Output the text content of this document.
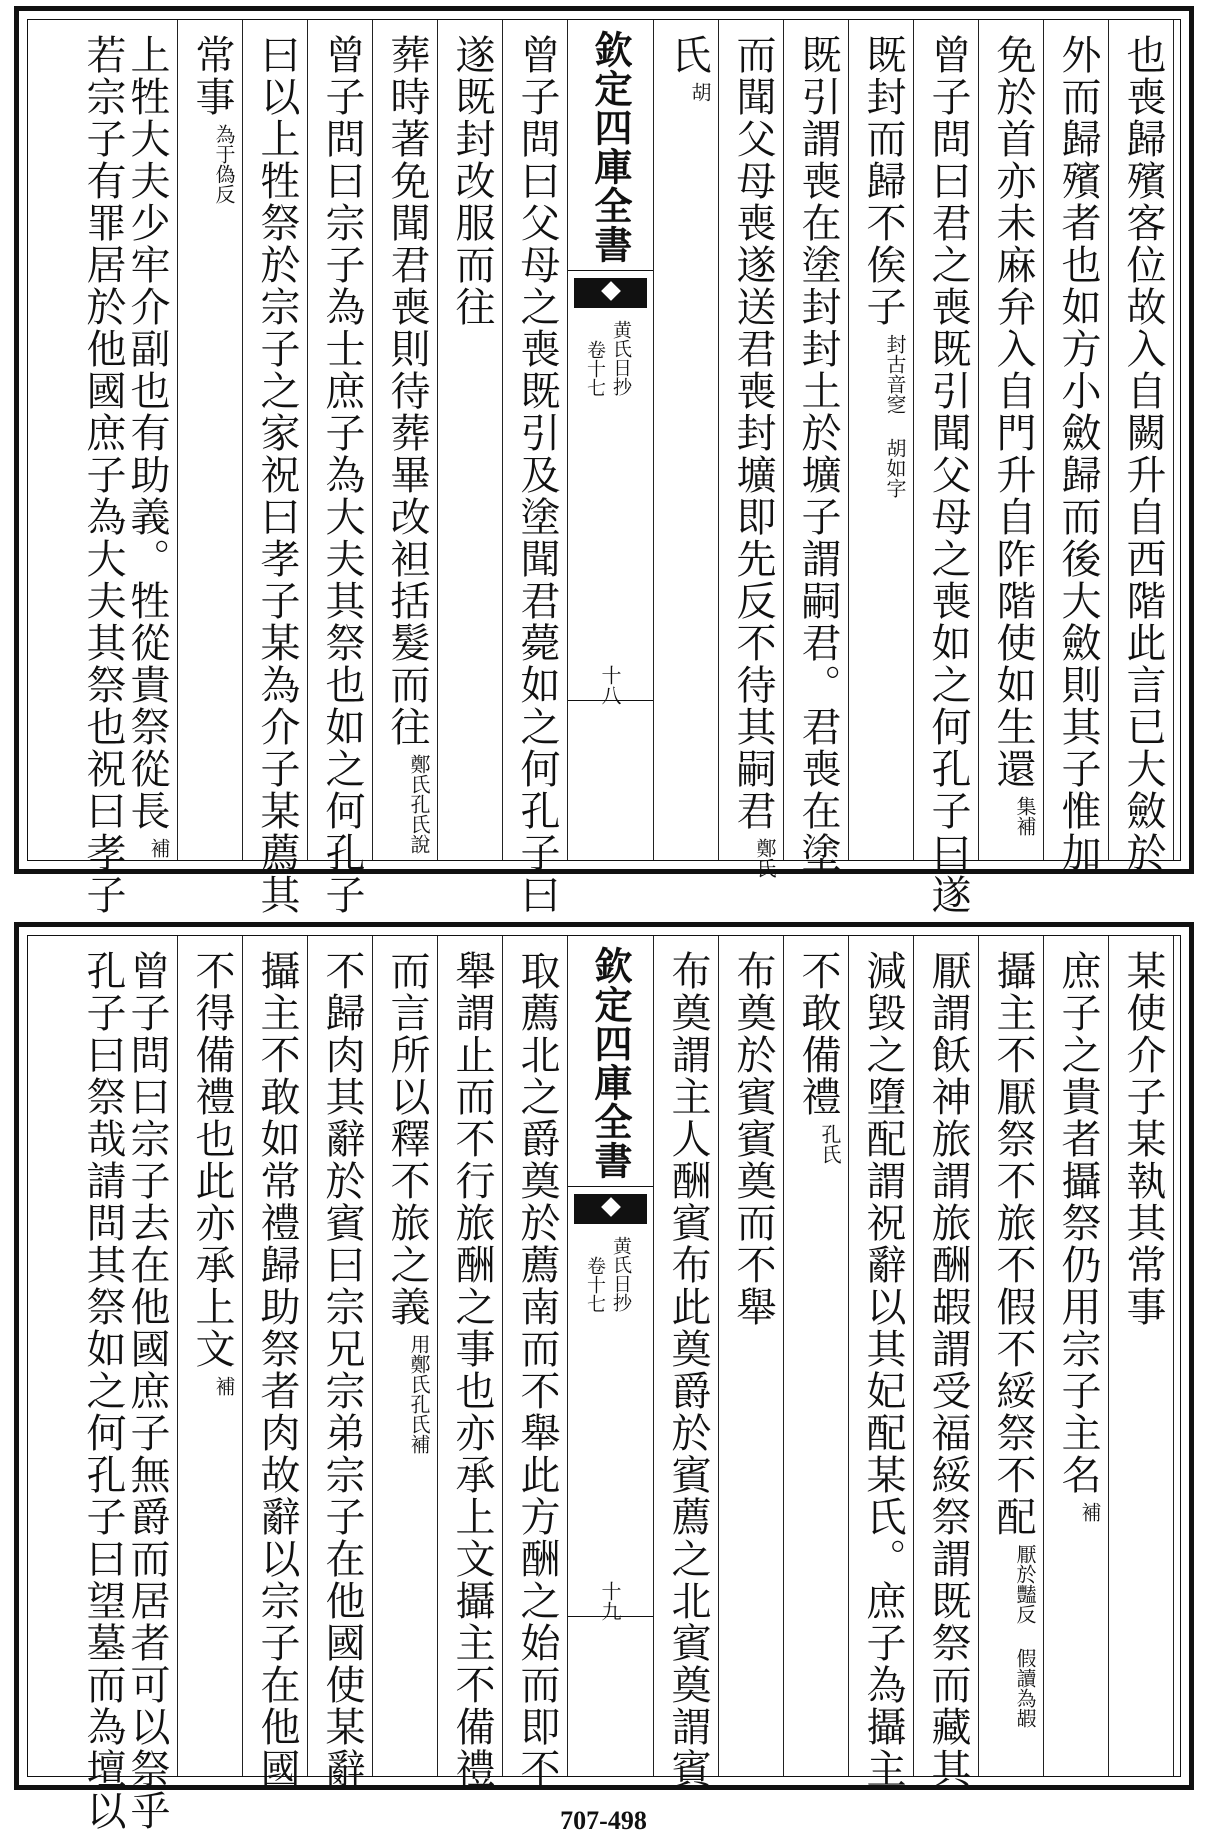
也喪歸殯客位故入自闕升自西階此言已大斂於
外而歸殯者也如方小斂歸而後大斂則其子惟加
免於首亦未麻弁入自門升自阼階使如生還
集補
曾子問曰君之喪既引聞父母之喪如之何孔子曰遂
既封而歸不俟子
封古音窆 胡如字
既引謂喪在塗封封土於壙子謂嗣君。君喪在塗
而聞父母喪遂送君喪封壙即先反不待其嗣君
鄭氏
氏
胡
欽定四庫全書
黄氏日抄
卷十七
十八
曾子問曰父母之喪既引及塗聞君薨如之何孔子曰
遂既封改服而往
葬時著免聞君喪則待葬畢改袒括髮而往
鄭氏孔氏說
曾子問曰宗子為士庶子為大夫其祭也如之何孔子
曰以上牲祭於宗子之家祝曰孝子某為介子某薦其
常事
為于偽反
上牲大夫少牢介副也有助義。牲從貴祭從長
補
若宗子有罪居於他國庶子為大夫其祭也祝曰孝子
某使介子某執其常事
庶子之貴者攝祭仍用宗子主名
補
攝主不厭祭不旅不假不綏祭不配
厭於豔反 假讀為嘏
厭謂飫神旅謂旅酬嘏謂受福綏祭謂既祭而藏其
減毀之墮配謂祝辭以其妃配某氏。庶子為攝主
不敢備禮
孔氏
布奠於賓賓奠而不舉
布奠謂主人酬賓布此奠爵於賓薦之北賓奠謂賓
欽定四庫全書
黄氏日抄
卷十七
十九
取薦北之爵奠於薦南而不舉此方酬之始而即不
舉謂止而不行旅酬之事也亦承上文攝主不備禮
而言所以釋不旅之義
用鄭氏孔氏補
不歸肉其辭於賓曰宗兄宗弟宗子在他國使某辭
攝主不敢如常禮歸助祭者肉故辭以宗子在他國
不得備禮也此亦承上文
補
曾子問曰宗子去在他國庶子無爵而居者可以祭乎
孔子曰祭哉請問其祭如之何孔子曰望墓而為壇以	707-498
